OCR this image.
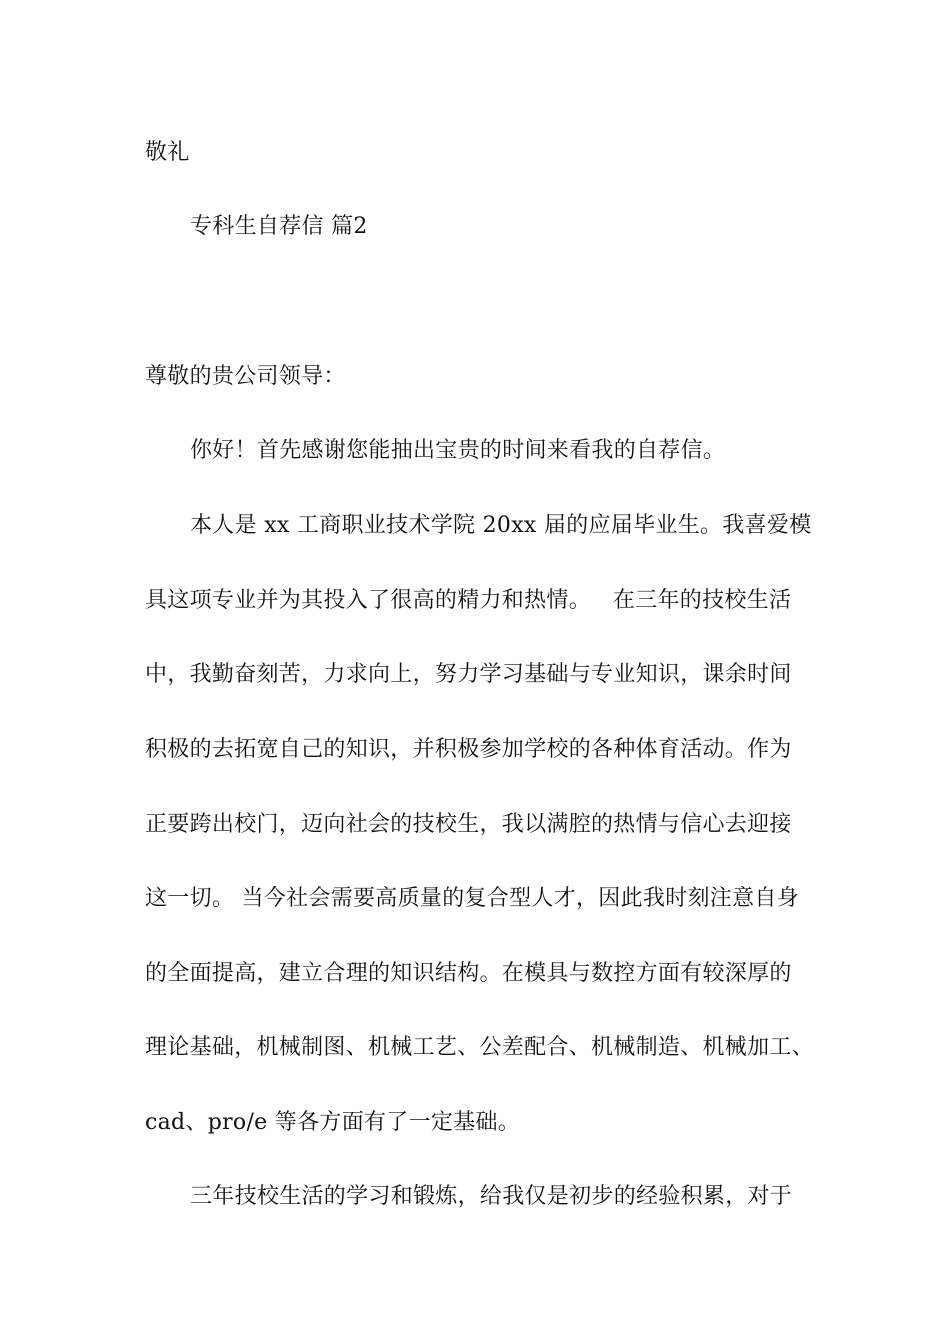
敬礼
专科生自荐信 篇2
尊敬的贵公司领导：
你好！首先感谢您能抽出宝贵的时间来看我的自荐信。
本人是 xx 工商职业技术学院 20xx 届的应届毕业生。我喜爱模
具这项专业并为其投入了很高的精力和热情。   在三年的技校生活
中，我勤奋刻苦，力求向上，努力学习基础与专业知识，课余时间
积极的去拓宽自己的知识，并积极参加学校的各种体育活动。作为
正要跨出校门，迈向社会的技校生，我以满腔的热情与信心去迎接
这一切。 当今社会需要高质量的复合型人才，因此我时刻注意自身
的全面提高，建立合理的知识结构。在模具与数控方面有较深厚的
理论基础，机械制图、机械工艺、公差配合、机械制造、机械加工、
cad、pro/e 等各方面有了一定基础。
三年技校生活的学习和锻炼，给我仅是初步的经验积累，对于
